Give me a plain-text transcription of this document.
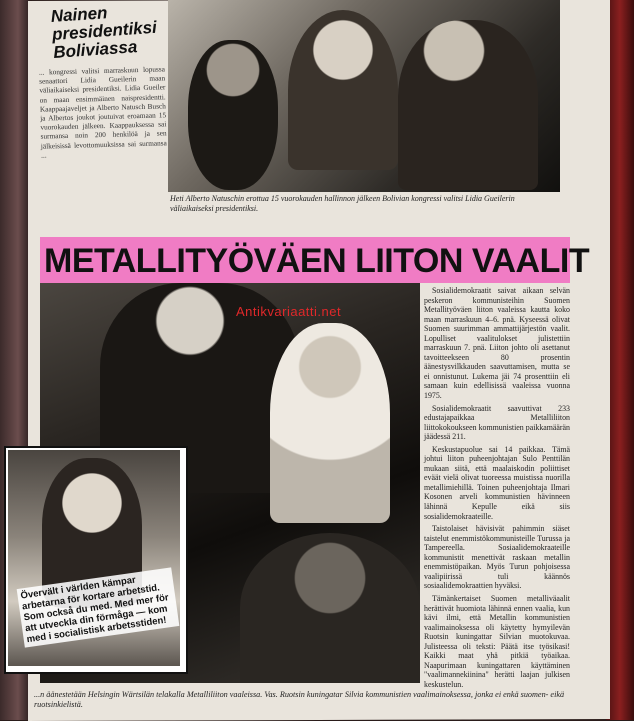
Nainen presidentiksi Boliviassa
... kongressi valitsi marraskuun lopussa senaattori Lidia Gueilerin maan väliaikaiseksi presidentiksi. Lidia Gueiler on maan ensimmäinen naispresidentti. Kaappaajaveljet ja Alberto Natusch Busch ja Albertos joukot joutuivat eroamaan 15 vuorokauden jälkeen. Kaappauksessa sai surmansa noin 200 henkilöä ja sen jälkeisissä levottomuuksissa sai surmansa ...
Heti Alberto Natuschin erottua 15 vuorokauden hallinnon jälkeen Bolivian kongressi valitsi Lidia Gueilerin väliaikaiseksi presidentiksi.
METALLITYÖVÄEN LIITON VAALIT
Övervält i världen kämpar arbetarna för kortare arbetstid. Som också du med. Med mer för att utveckla din förmåga — kom med i socialistisk arbetsstiden!

Sosialidemokraatit saivat aikaan selvän peskeron kommunisteihin Suomen Metallityöväen liiton vaaleissa kautta koko maan marraskuun 4–6. pnä. Kyseessä olivat Suomen suurimman ammattijärjestön vaalit. Lopulliset vaalitulokset julistettiin marraskuun 7. pnä. Liiton johto oli asettanut tavoitteekseen 80 prosentin äänestysvilkkauden saavuttamisen, mutta se ei onnistunut. Lukema jäi 74 prosenttiin eli samaan kuin edellisissä vaaleissa vuonna 1975.

Sosialidemokraatit saavuttivat 233 edustajapaikkaa Metalliliiton liittokokoukseen kommunistien paikkamäärän jäädessä 211.

Keskustapuolue sai 14 paikkaa. Tämä johtui liiton puheenjohtajan Sulo Penttilän mukaan siitä, että maalaiskodin poliittiset eväät vielä olivat tuoreessa muistissa nuorilla metallimiehillä. Toinen puheenjohtaja Ilmari Kosonen arveli kommunistien hävinneen lähinnä Kepulle eikä siis sosialidemokraateille.

Taistolaiset hävisivät pahimmin siäset taistelut enemmistökommunisteille Turussa ja Tampereella. Sosiaalidemokraateille kommunistit menettivät raskaan metallin enemmistöpaikan. Myös Turun pohjoisessa vaalipiirissä tuli käännös sosiaalidemokraattien hyväksi.

Tämänkertaiset Suomen metalliväaalit herättivät huomiota lähinnä ennen vaalia, kun kävi ilmi, että Metallin kommunistien vaalimainoksessa oli käytetty hymyilevän Ruotsin kuningattar Silvian muotokuvaa. Julisteessa oli teksti: Päätä itse työsikasi! Kaikki maat yhä pitkiä työaikaa. Naapurimaan kuningattaren käyttäminen "vaalimannekiinina" herätti laajan julkisen keskustelun.

...n äänestetään Helsingin Wärtsilän telakalla Metalliliiton vaaleissa. Vas. Ruotsin kuningatar Silvia kommunistien vaalimainoksessa, jonka ei enkä suomen- eikä ruotsinkielistä.
Antikvariaatti.net
